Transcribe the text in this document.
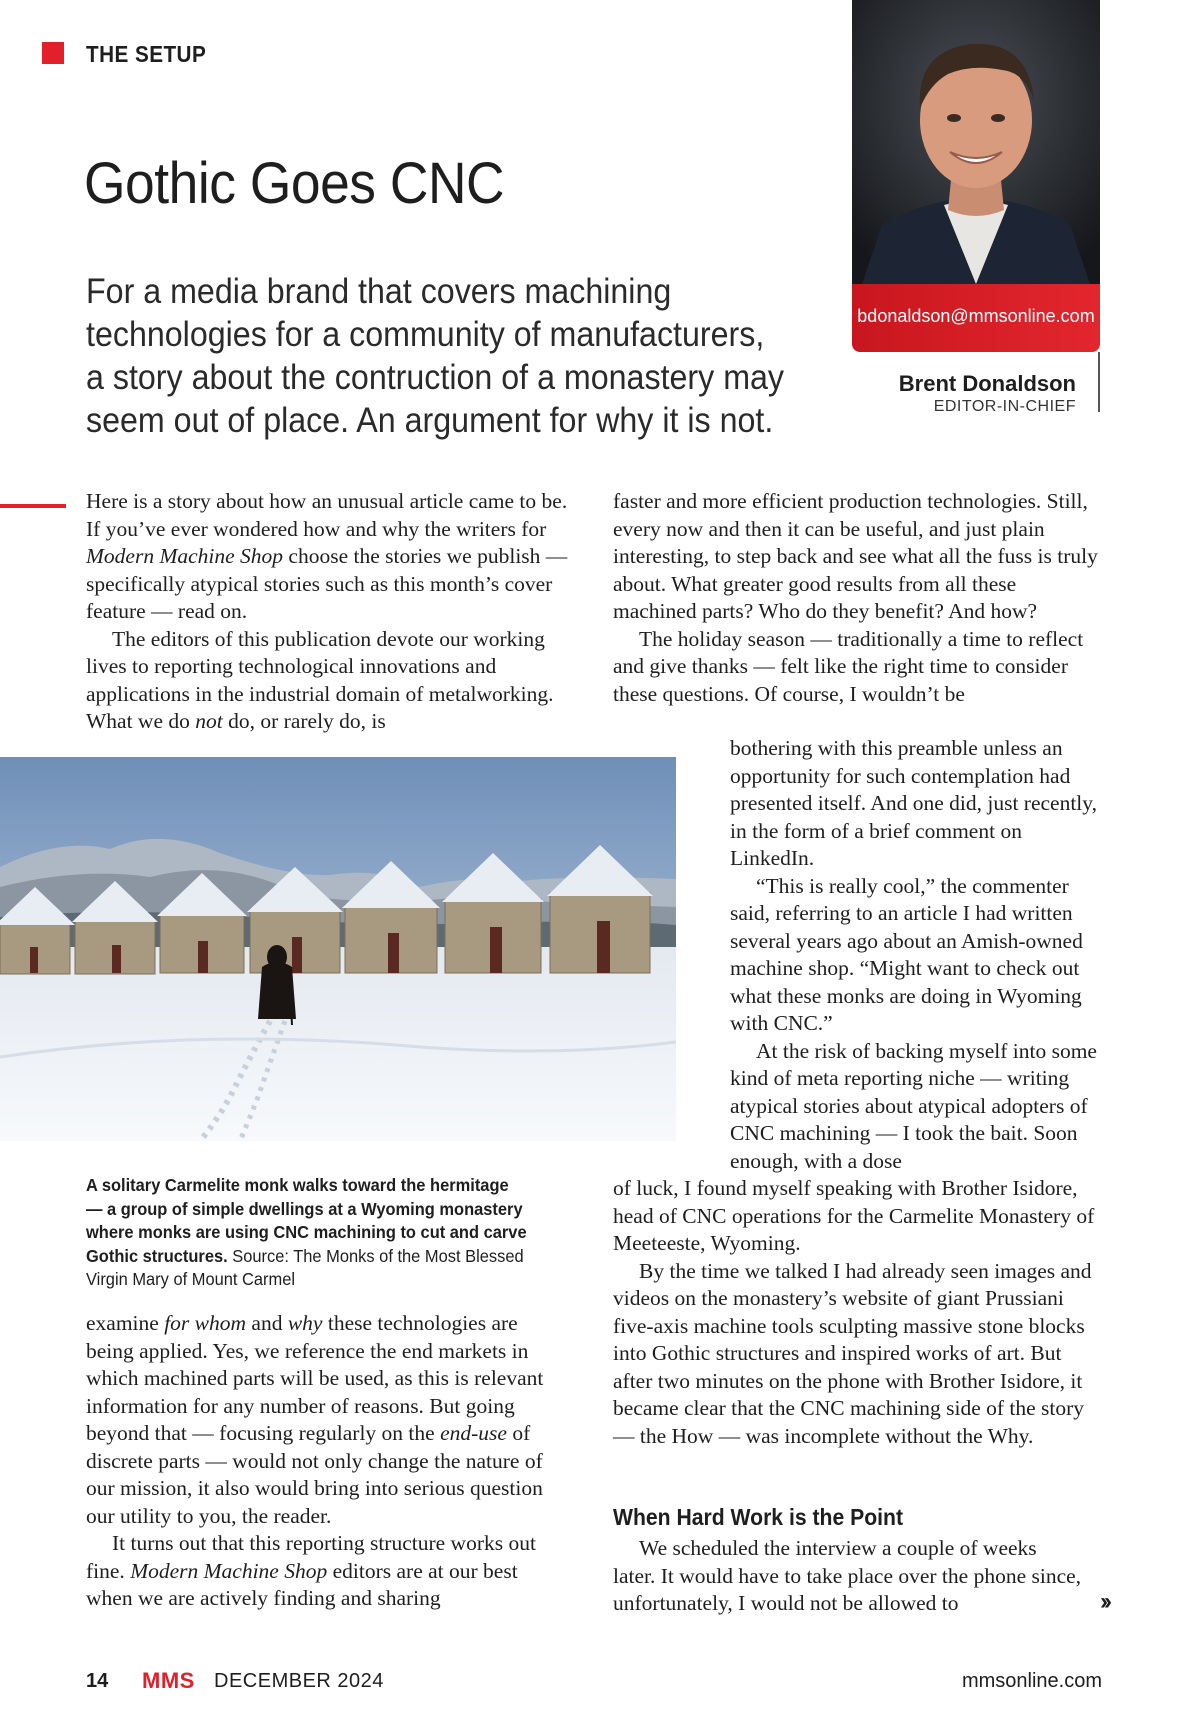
THE SETUP
Gothic Goes CNC

For a media brand that covers machining technologies for a community of manufacturers, a story about the contruction of a monastery may seem out of place. An argument for why it is not.

bdonaldson@mmsonline.com
Brent Donaldson
EDITOR-IN-CHIEF

Here is a story about how an unusual article came to be. If you’ve ever wondered how and why the writers for Modern Machine Shop choose the stories we publish — specifically atypical stories such as this month’s cover feature — read on.

The editors of this publication devote our working lives to reporting technological innovations and applications in the industrial domain of metalworking. What we do not do, or rarely do, is

examine for whom and why these technologies are being applied. Yes, we reference the end markets in which machined parts will be used, as this is relevant information for any number of reasons. But going beyond that — focusing regularly on the end-use of discrete parts — would not only change the nature of our mission, it also would bring into serious question our utility to you, the reader.

It turns out that this reporting structure works out fine. Modern Machine Shop editors are at our best when we are actively finding and sharing

faster and more efficient production technologies. Still, every now and then it can be useful, and just plain interesting, to step back and see what all the fuss is truly about. What greater good results from all these machined parts? Who do they benefit? And how?

The holiday season — traditionally a time to reflect and give thanks — felt like the right time to consider these questions. Of course, I wouldn’t be

bothering with this preamble unless an opportunity for such contemplation had presented itself. And one did, just recently, in the form of a brief comment on LinkedIn.

“This is really cool,” the commenter said, referring to an article I had written several years ago about an Amish-owned machine shop. “Might want to check out what these monks are doing in Wyoming with CNC.”

At the risk of backing myself into some kind of meta reporting niche — writing atypical stories about atypical adopters of CNC machining — I took the bait. Soon enough, with a dose

of luck, I found myself speaking with Brother Isidore, head of CNC operations for the Carmelite Monastery of Meeteeste, Wyoming.

By the time we talked I had already seen images and videos on the monastery’s website of giant Prussiani five-axis machine tools sculpting massive stone blocks into Gothic structures and inspired works of art. But after two minutes on the phone with Brother Isidore, it became clear that the CNC machining side of the story — the How — was incomplete without the Why.

When Hard Work is the Point

We scheduled the interview a couple of weeks later. It would have to take place over the phone since, unfortunately, I would not be allowed to	››
A solitary Carmelite monk walks toward the hermitage — a group of simple dwellings at a Wyoming monastery where monks are using CNC machining to cut and carve Gothic structures. Source: The Monks of the Most Blessed Virgin Mary of Mount Carmel
14 MMS DECEMBER 2024	mmsonline.com
